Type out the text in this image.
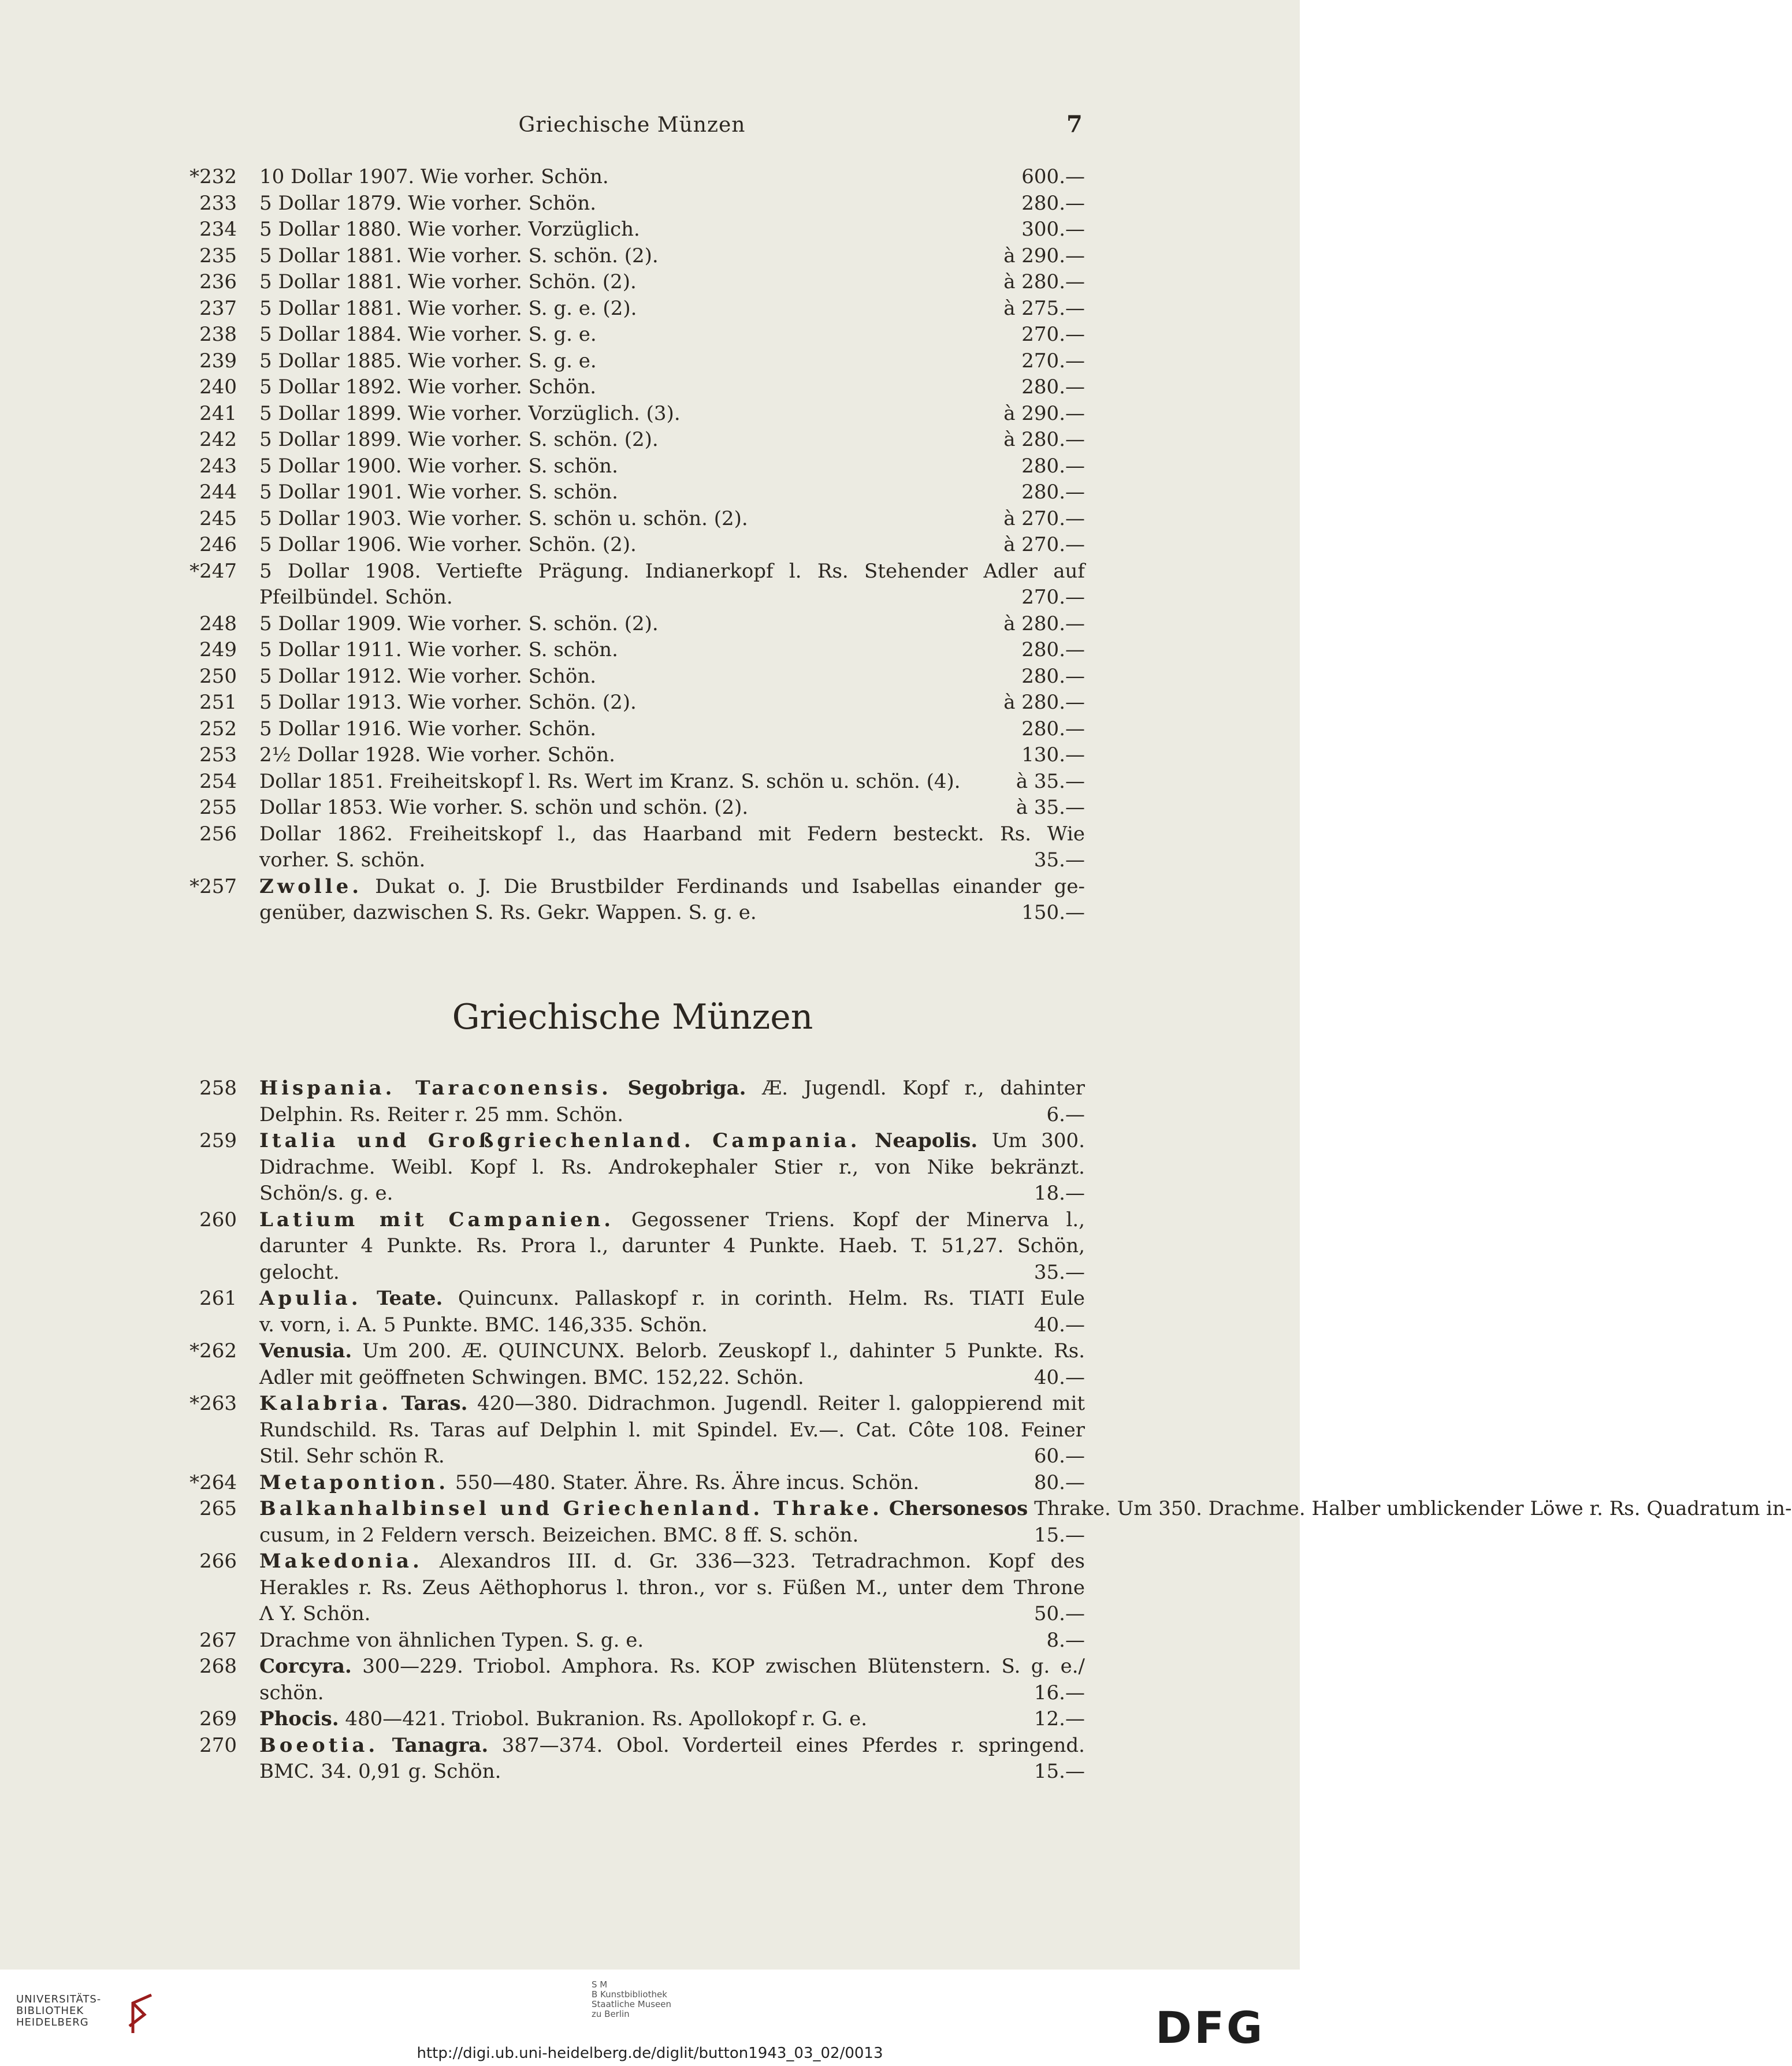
Griechische Münzen	7
*232 10 Dollar 1907. Wie vorher. Schön.	600.—
233 5 Dollar 1879. Wie vorher. Schön.	280.—
234 5 Dollar 1880. Wie vorher. Vorzüglich.	300.—
235 5 Dollar 1881. Wie vorher. S. schön. (2).	à 290.—
236 5 Dollar 1881. Wie vorher. Schön. (2).	à 280.—
237 5 Dollar 1881. Wie vorher. S. g. e. (2).	à 275.—
238 5 Dollar 1884. Wie vorher. S. g. e.	270.—
239 5 Dollar 1885. Wie vorher. S. g. e.	270.—
240 5 Dollar 1892. Wie vorher. Schön.	280.—
241 5 Dollar 1899. Wie vorher. Vorzüglich. (3).	à 290.—
242 5 Dollar 1899. Wie vorher. S. schön. (2).	à 280.—
243 5 Dollar 1900. Wie vorher. S. schön.	280.—
244 5 Dollar 1901. Wie vorher. S. schön.	280.—
245 5 Dollar 1903. Wie vorher. S. schön u. schön. (2).	à 270.—
246 5 Dollar 1906. Wie vorher. Schön. (2).	à 270.—
*247 5 Dollar 1908. Vertiefte Prägung. Indianerkopf l. Rs. Stehender Adler auf
Pfeilbündel. Schön.	270.—
248 5 Dollar 1909. Wie vorher. S. schön. (2).	à 280.—
249 5 Dollar 1911. Wie vorher. S. schön.	280.—
250 5 Dollar 1912. Wie vorher. Schön.	280.—
251 5 Dollar 1913. Wie vorher. Schön. (2).	à 280.—
252 5 Dollar 1916. Wie vorher. Schön.	280.—
253 2½ Dollar 1928. Wie vorher. Schön.	130.—
254 Dollar 1851. Freiheitskopf l. Rs. Wert im Kranz. S. schön u. schön. (4).	à 35.—
255 Dollar 1853. Wie vorher. S. schön und schön. (2).	à 35.—
256 Dollar 1862. Freiheitskopf l., das Haarband mit Federn besteckt. Rs. Wie
vorher. S. schön.	35.—
*257 Zwolle. Dukat o. J. Die Brustbilder Ferdinands und Isabellas einander ge-
genüber, dazwischen S. Rs. Gekr. Wappen. S. g. e.	150.—
Griechische Münzen
258 Hispania. Taraconensis. Segobriga. Æ. Jugendl. Kopf r., dahinter
Delphin. Rs. Reiter r. 25 mm. Schön.	6.—
259 Italia und Großgriechenland. Campania. Neapolis. Um 300.
Didrachme. Weibl. Kopf l. Rs. Androkephaler Stier r., von Nike bekränzt.
Schön/s. g. e.	18.—
260 Latium mit Campanien. Gegossener Triens. Kopf der Minerva l.,
darunter 4 Punkte. Rs. Prora l., darunter 4 Punkte. Haeb. T. 51,27. Schön,
gelocht.	35.—
261 Apulia. Teate. Quincunx. Pallaskopf r. in corinth. Helm. Rs. TIATI Eule
v. vorn, i. A. 5 Punkte. BMC. 146,335. Schön.	40.—
*262 Venusia. Um 200. Æ. QUINCUNX. Belorb. Zeuskopf l., dahinter 5 Punkte. Rs.
Adler mit geöffneten Schwingen. BMC. 152,22. Schön.	40.—
*263 Kalabria. Taras. 420—380. Didrachmon. Jugendl. Reiter l. galoppierend mit
Rundschild. Rs. Taras auf Delphin l. mit Spindel. Ev.—. Cat. Côte 108. Feiner
Stil. Sehr schön R.	60.—
*264 Metapontion. 550—480. Stater. Ähre. Rs. Ähre incus. Schön.	80.—
265 Balkanhalbinsel und Griechenland. Thrake. Chersonesos Thrake. Um 350. Drachme. Halber umblickender Löwe r. Rs. Quadratum in-
cusum, in 2 Feldern versch. Beizeichen. BMC. 8 ff. S. schön.	15.—
266 Makedonia. Alexandros III. d. Gr. 336—323. Tetradrachmon. Kopf des
Herakles r. Rs. Zeus Aëthophorus l. thron., vor s. Füßen M., unter dem Throne
Λ Y. Schön.	50.—
267 Drachme von ähnlichen Typen. S. g. e.	8.—
268 Corcyra. 300—229. Triobol. Amphora. Rs. KOP zwischen Blütenstern. S. g. e./
schön.	16.—
269 Phocis. 480—421. Triobol. Bukranion. Rs. Apollokopf r. G. e.	12.—
270 Boeotia. Tanagra. 387—374. Obol. Vorderteil eines Pferdes r. springend.
BMC. 34. 0,91 g. Schön.	15.—
UNIVERSITÄTS-
BIBLIOTHEK
HEIDELBERG
S M
B Kunstbibliothek
Staatliche Museen
zu Berlin	DFG
http://digi.ub.uni-heidelberg.de/diglit/button1943_03_02/0013
